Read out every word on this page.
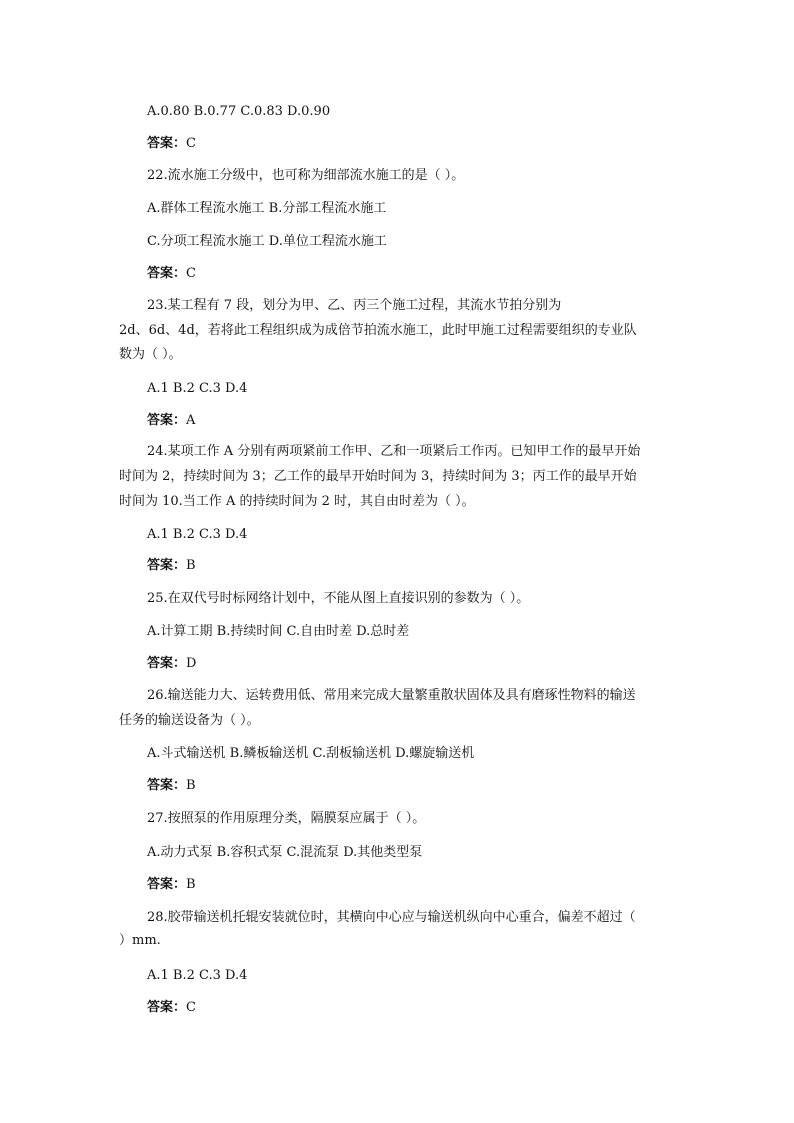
A.0.80 B.0.77 C.0.83 D.0.90
答案：C
22.流水施工分级中，也可称为细部流水施工的是（ ）。
A.群体工程流水施工 B.分部工程流水施工
C.分项工程流水施工 D.单位工程流水施工
答案：C
23.某工程有 7 段，划分为甲、乙、丙三个施工过程，其流水节拍分别为
2d、6d、4d，若将此工程组织成为成倍节拍流水施工，此时甲施工过程需要组织的专业队
数为（ ）。
A.1 B.2 C.3 D.4
答案：A
24.某项工作 A 分别有两项紧前工作甲、乙和一项紧后工作丙。已知甲工作的最早开始
时间为 2，持续时间为 3；乙工作的最早开始时间为 3，持续时间为 3；丙工作的最早开始
时间为 10.当工作 A 的持续时间为 2 时，其自由时差为（ ）。
A.1 B.2 C.3 D.4
答案：B
25.在双代号时标网络计划中，不能从图上直接识别的参数为（ ）。
A.计算工期 B.持续时间 C.自由时差 D.总时差
答案：D
26.输送能力大、运转费用低、常用来完成大量繁重散状固体及具有磨琢性物料的输送
任务的输送设备为（ ）。
A.斗式输送机 B.鳞板输送机 C.刮板输送机 D.螺旋输送机
答案：B
27.按照泵的作用原理分类，隔膜泵应属于（ ）。
A.动力式泵 B.容积式泵 C.混流泵 D.其他类型泵
答案：B
28.胶带输送机托辊安装就位时，其横向中心应与输送机纵向中心重合，偏差不超过（
）mm.
A.1 B.2 C.3 D.4
答案：C
